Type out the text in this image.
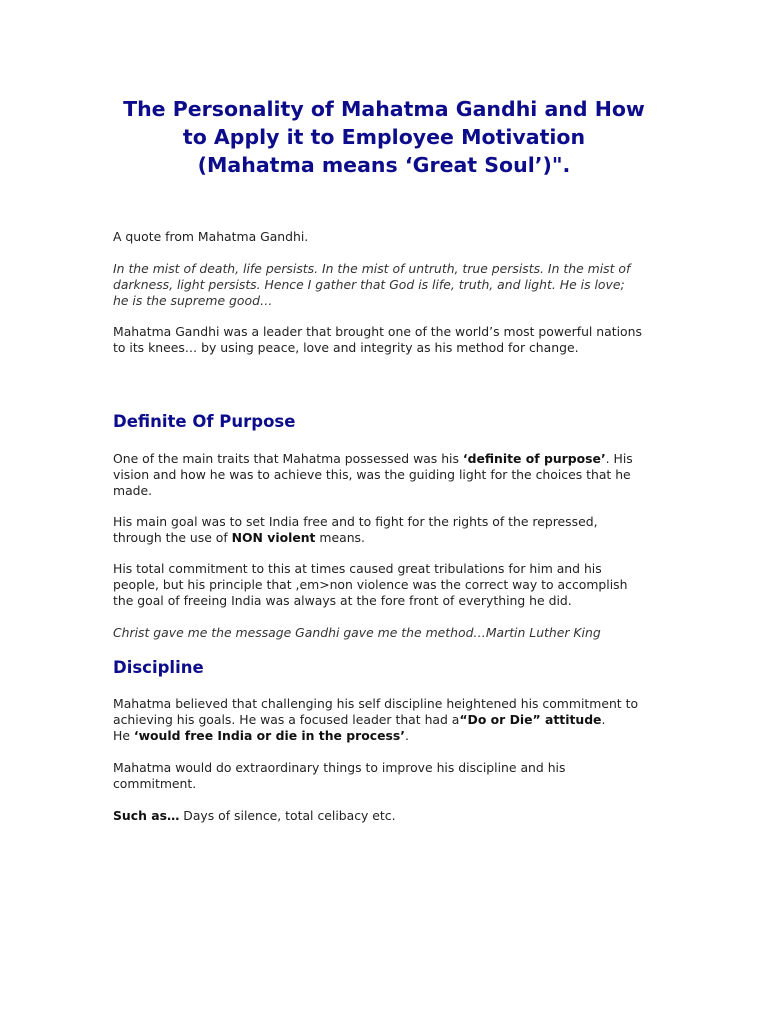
The Personality of Mahatma Gandhi and How
to Apply it to Employee Motivation
(Mahatma means ‘Great Soul’)".

A quote from Mahatma Gandhi.

In the mist of death, life persists. In the mist of untruth, true persists. In the mist of
darkness, light persists. Hence I gather that God is life, truth, and light. He is love;
he is the supreme good…

Mahatma Gandhi was a leader that brought one of the world’s most powerful nations
to its knees… by using peace, love and integrity as his method for change.

Definite Of Purpose

One of the main traits that Mahatma possessed was his ‘definite of purpose’. His
vision and how he was to achieve this, was the guiding light for the choices that he
made.

His main goal was to set India free and to fight for the rights of the repressed,
through the use of NON violent means.

His total commitment to this at times caused great tribulations for him and his
people, but his principle that ,em>non violence was the correct way to accomplish
the goal of freeing India was always at the fore front of everything he did.

Christ gave me the message Gandhi gave me the method…Martin Luther King

Discipline

Mahatma believed that challenging his self discipline heightened his commitment to
achieving his goals. He was a focused leader that had a“Do or Die” attitude.
He ‘would free India or die in the process’.

Mahatma would do extraordinary things to improve his discipline and his
commitment.

Such as… Days of silence, total celibacy etc.
